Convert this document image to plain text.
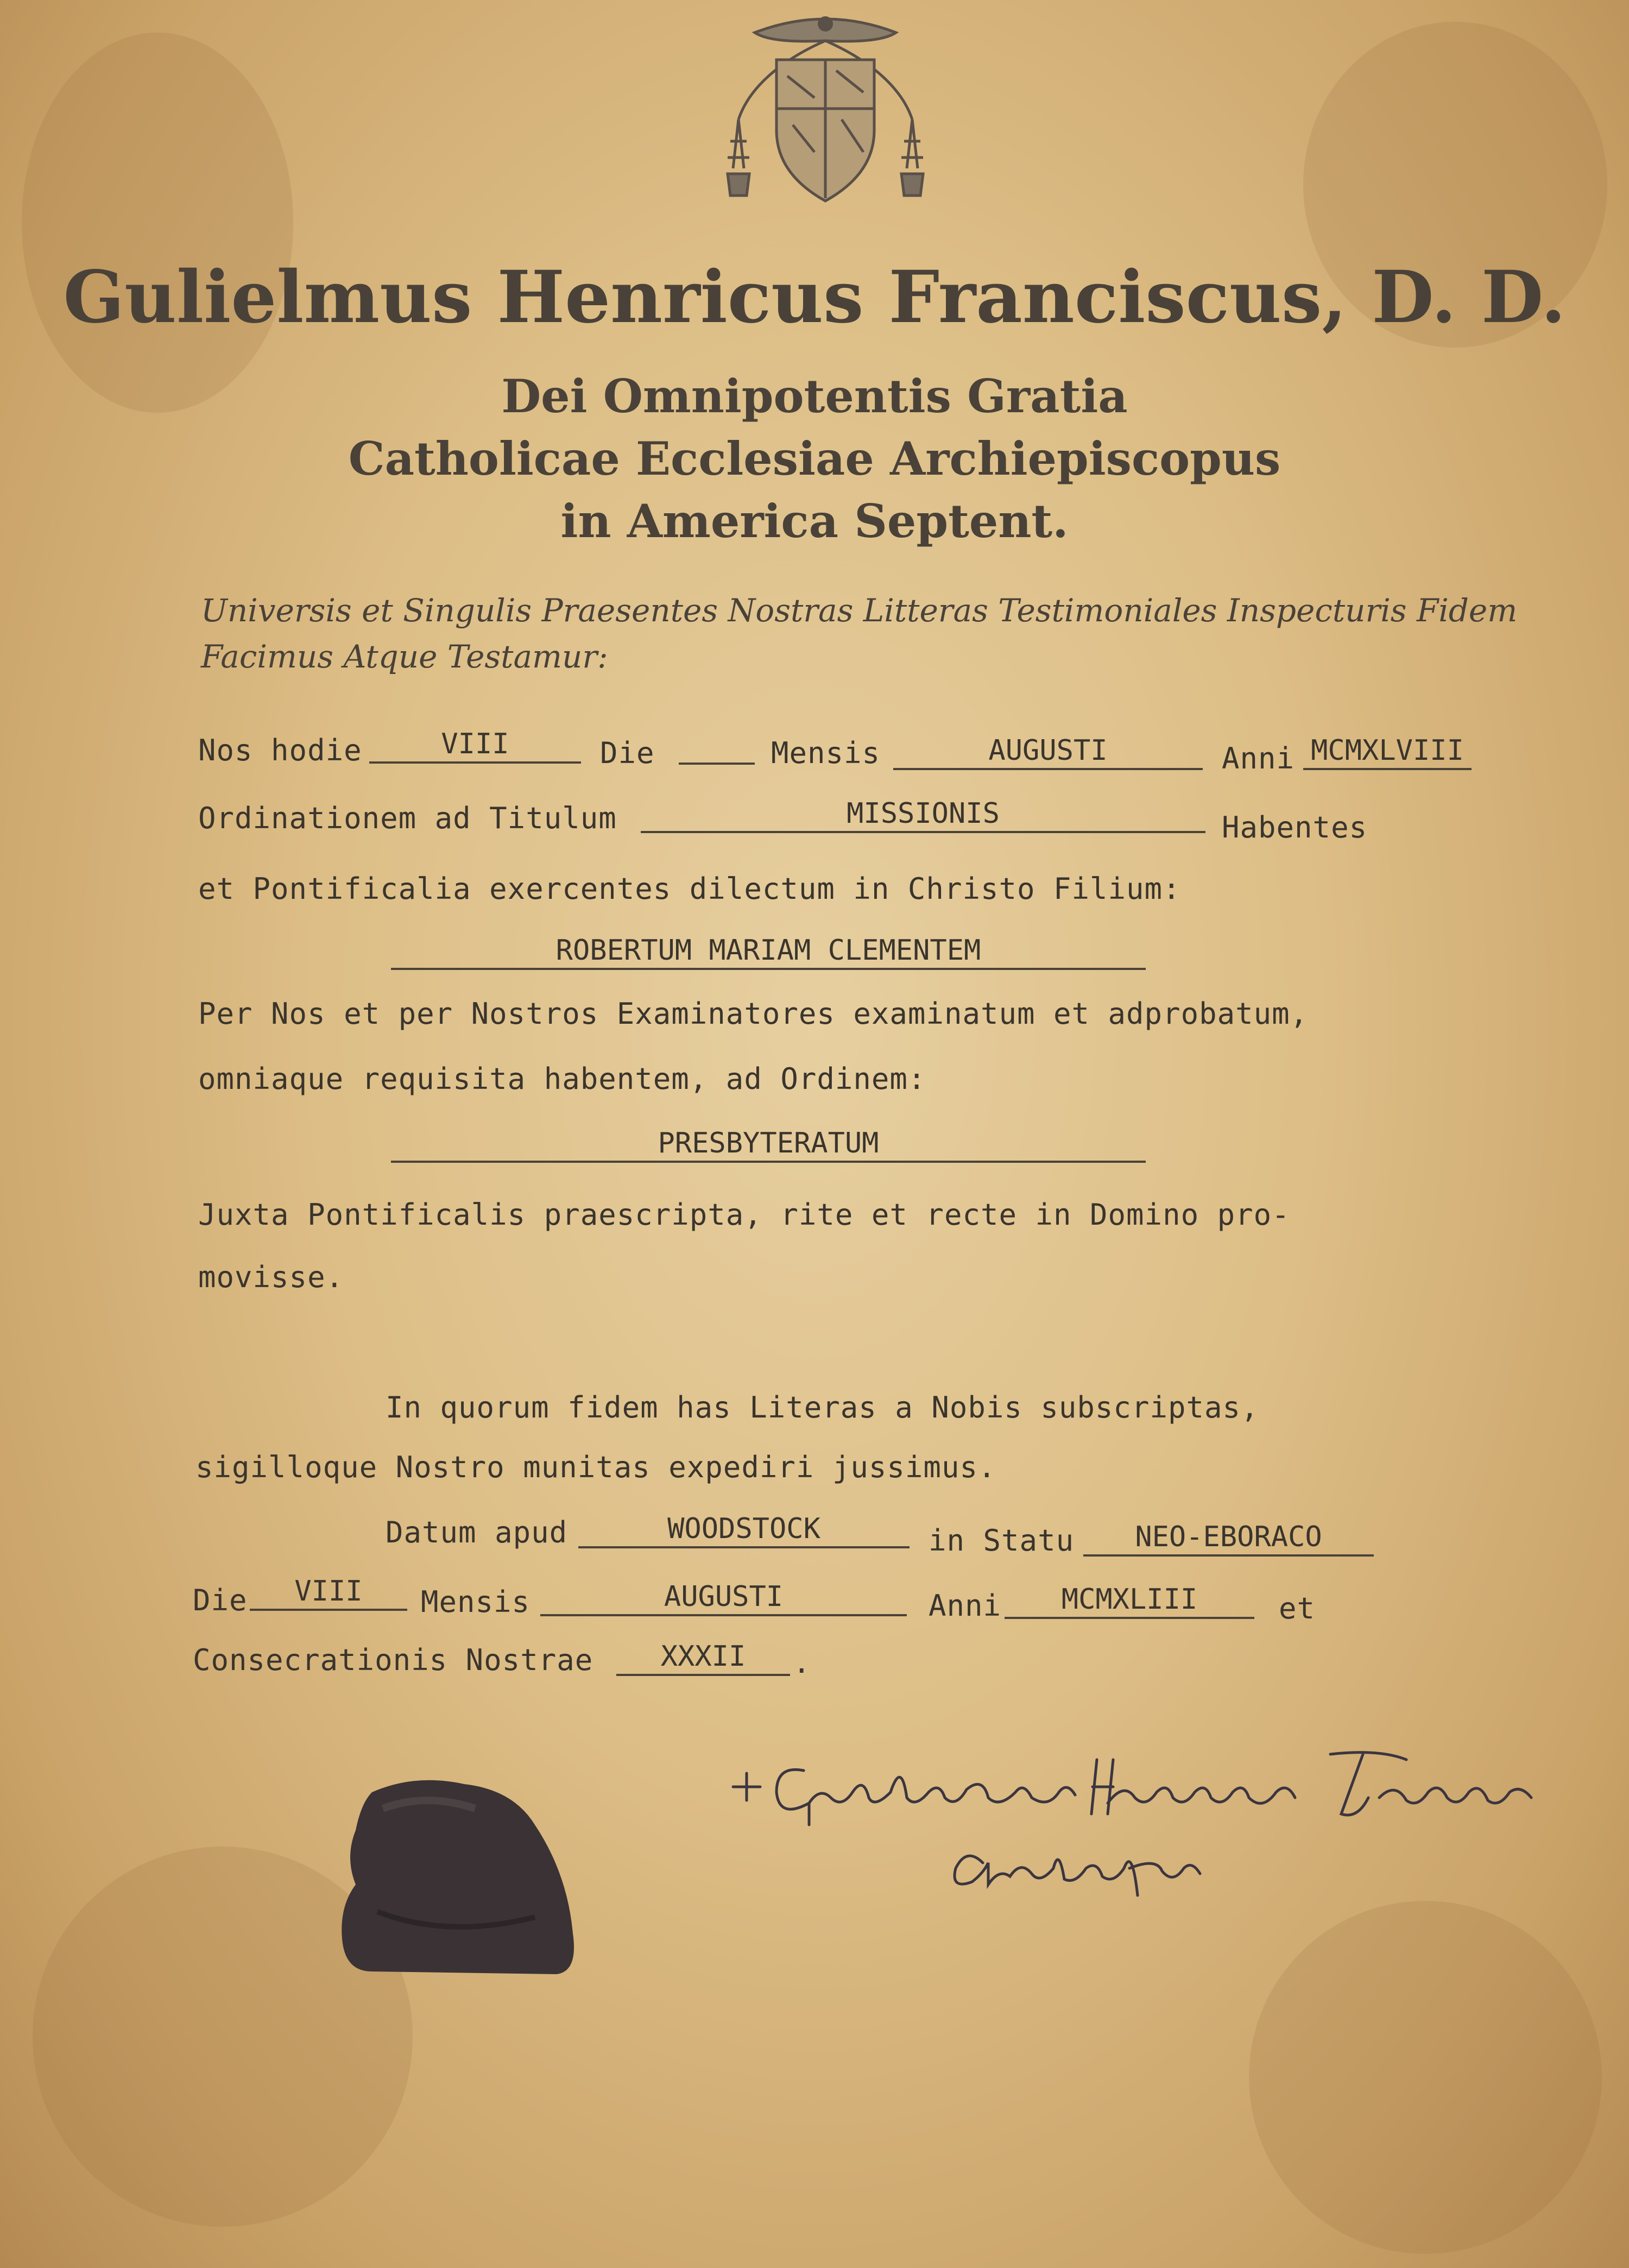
Gulielmus Henricus Franciscus, D. D.
Dei Omnipotentis Gratia
Catholicae Ecclesiae Archiepiscopus
in America Septent.
Universis et Singulis Praesentes Nostras Litteras Testimoniales Inspecturis Fidem
Facimus Atque Testamur:
Nos hodie	VIII	Die	Mensis	AUGUSTI	Anni MCMXLVIII
Ordinationem ad Titulum	MISSIONIS	Habentes
et Pontificalia exercentes dilectum in Christo Filium:
ROBERTUM MARIAM CLEMENTEM
Per Nos et per Nostros Examinatores examinatum et adprobatum,
omniaque requisita habentem, ad Ordinem:
PRESBYTERATUM
Juxta Pontificalis praescripta, rite et recte in Domino pro-
movisse.
In quorum fidem has Literas a Nobis subscriptas,
sigilloque Nostro munitas expediri jussimus.
Datum apud	WOODSTOCK	in Statu	NEO-EBORACO
Die	VIII	Mensis	AUGUSTI	Anni	MCMXLIII	et
Consecrationis Nostrae	XXXII	.
